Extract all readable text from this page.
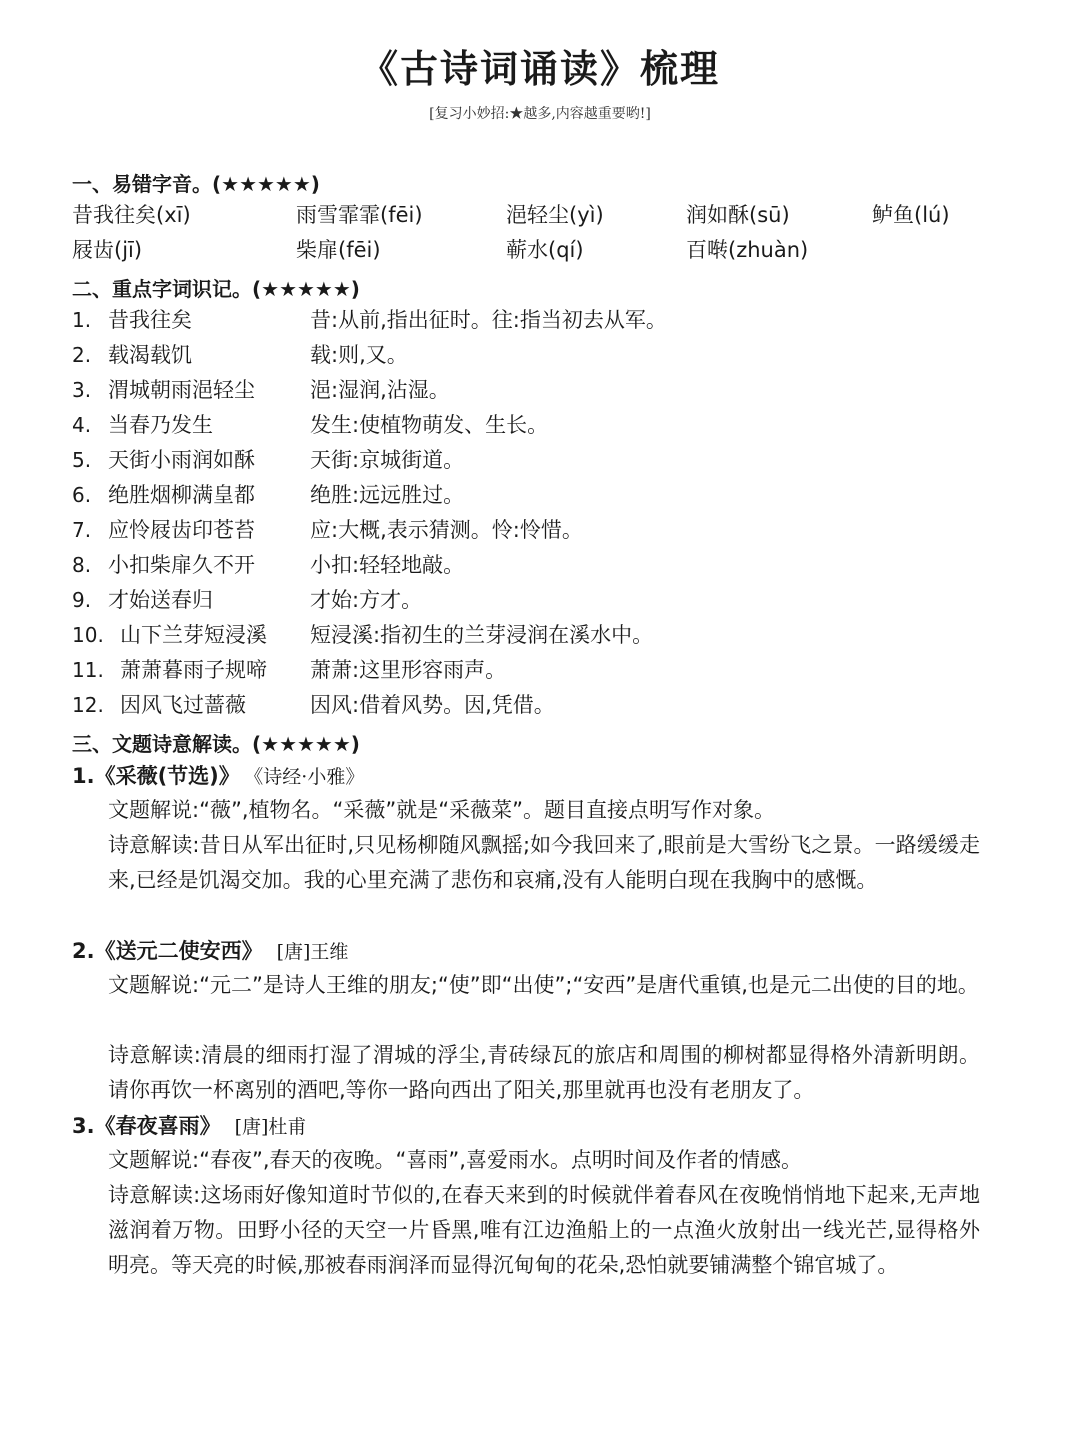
《古诗词诵读》梳理
[复习小妙招:★越多,内容越重要哟!]
一、易错字音。(★★★★★)
昔我往矣(xī)	雨雪霏霏(fēi)	浥轻尘(yì)	润如酥(sū)	鲈鱼(lú)
屐齿(jī)	柴扉(fēi)	蕲水(qí)	百啭(zhuàn)
二、重点字词识记。(★★★★★)
1. 昔我往矣	昔:从前,指出征时。往:指当初去从军。
2. 载渴载饥	载:则,又。
3. 渭城朝雨浥轻尘	浥:湿润,沾湿。
4. 当春乃发生	发生:使植物萌发、生长。
5. 天街小雨润如酥	天街:京城街道。
6. 绝胜烟柳满皇都	绝胜:远远胜过。
7. 应怜屐齿印苍苔	应:大概,表示猜测。怜:怜惜。
8. 小扣柴扉久不开	小扣:轻轻地敲。
9. 才始送春归	才始:方才。
10. 山下兰芽短浸溪 短浸溪:指初生的兰芽浸润在溪水中。
11. 萧萧暮雨子规啼 萧萧:这里形容雨声。
12. 因风飞过蔷薇	因风:借着风势。因,凭借。
三、文题诗意解读。(★★★★★)
1.《采薇(节选)》 《诗经·小雅》
文题解说:“薇”,植物名。“采薇”就是“采薇菜”。题目直接点明写作对象。
诗意解读:昔日从军出征时,只见杨柳随风飘摇;如今我回来了,眼前是大雪纷飞之景。一路缓缓走来,已经是饥渴交加。我的心里充满了悲伤和哀痛,没有人能明白现在我胸中的感慨。
2.《送元二使安西》 [唐]王维
文题解说:“元二”是诗人王维的朋友;“使”即“出使”;“安西”是唐代重镇,也是元二出使的目的地。
诗意解读:清晨的细雨打湿了渭城的浮尘,青砖绿瓦的旅店和周围的柳树都显得格外清新明朗。请你再饮一杯离别的酒吧,等你一路向西出了阳关,那里就再也没有老朋友了。
3.《春夜喜雨》 [唐]杜甫
文题解说:“春夜”,春天的夜晚。“喜雨”,喜爱雨水。点明时间及作者的情感。
诗意解读:这场雨好像知道时节似的,在春天来到的时候就伴着春风在夜晚悄悄地下起来,无声地滋润着万物。田野小径的天空一片昏黑,唯有江边渔船上的一点渔火放射出一线光芒,显得格外明亮。等天亮的时候,那被春雨润泽而显得沉甸甸的花朵,恐怕就要铺满整个锦官城了。
